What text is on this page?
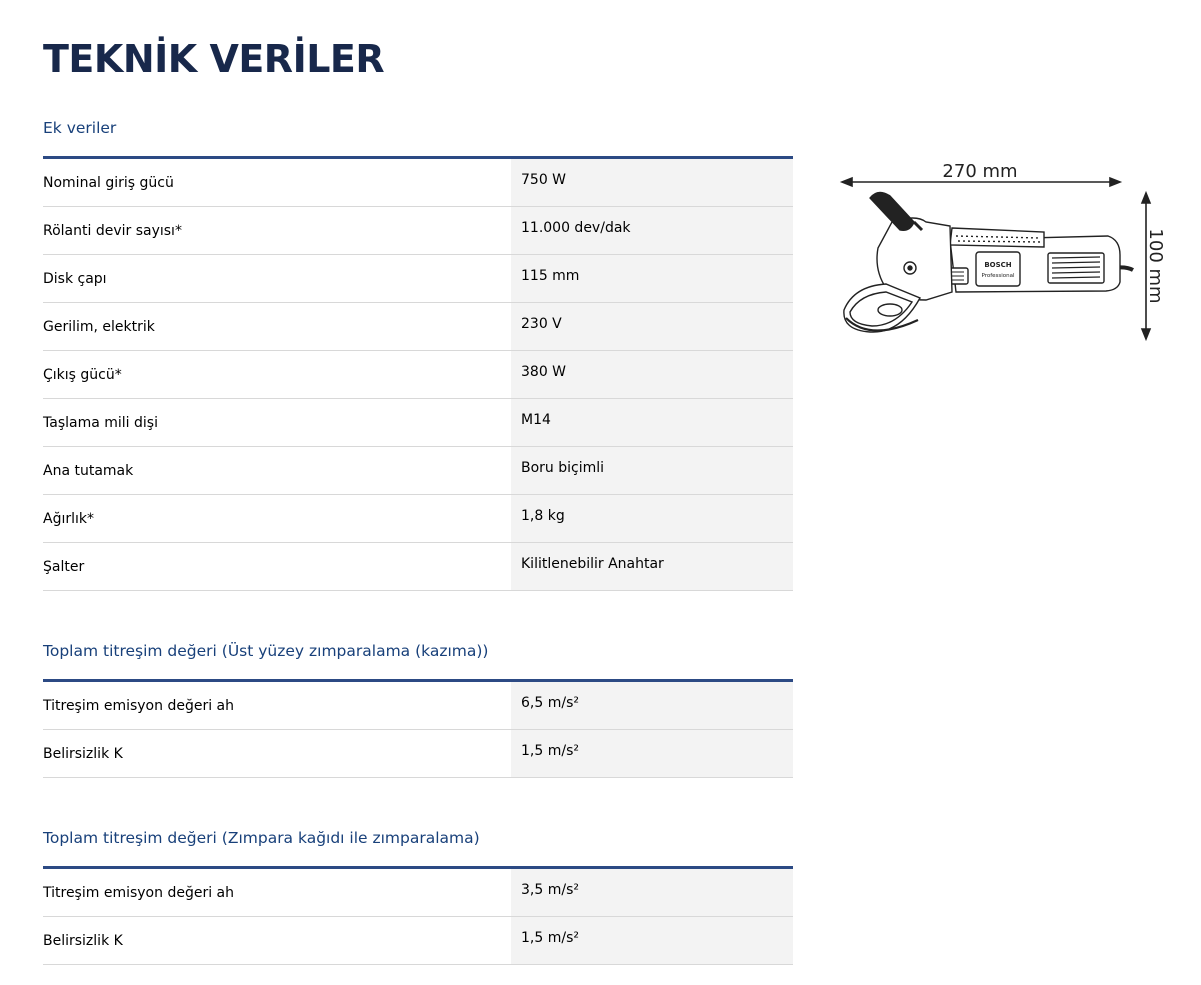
TEKNİK VERİLER
Ek veriler
Nominal giriş gücü	750 W
Rölanti devir sayısı*	11.000 dev/dak
Disk çapı	115 mm
Gerilim, elektrik	230 V
Çıkış gücü*	380 W
Taşlama mili dişi	M14
Ana tutamak	Boru biçimli
Ağırlık*	1,8 kg
Şalter	Kilitlenebilir Anahtar
Toplam titreşim değeri (Üst yüzey zımparalama (kazıma))
Titreşim emisyon değeri ah	6,5 m/s²
Belirsizlik K	1,5 m/s²
Toplam titreşim değeri (Zımpara kağıdı ile zımparalama)
Titreşim emisyon değeri ah	3,5 m/s²
Belirsizlik K	1,5 m/s²
270 mm
100 mm
BOSCH
Professional
